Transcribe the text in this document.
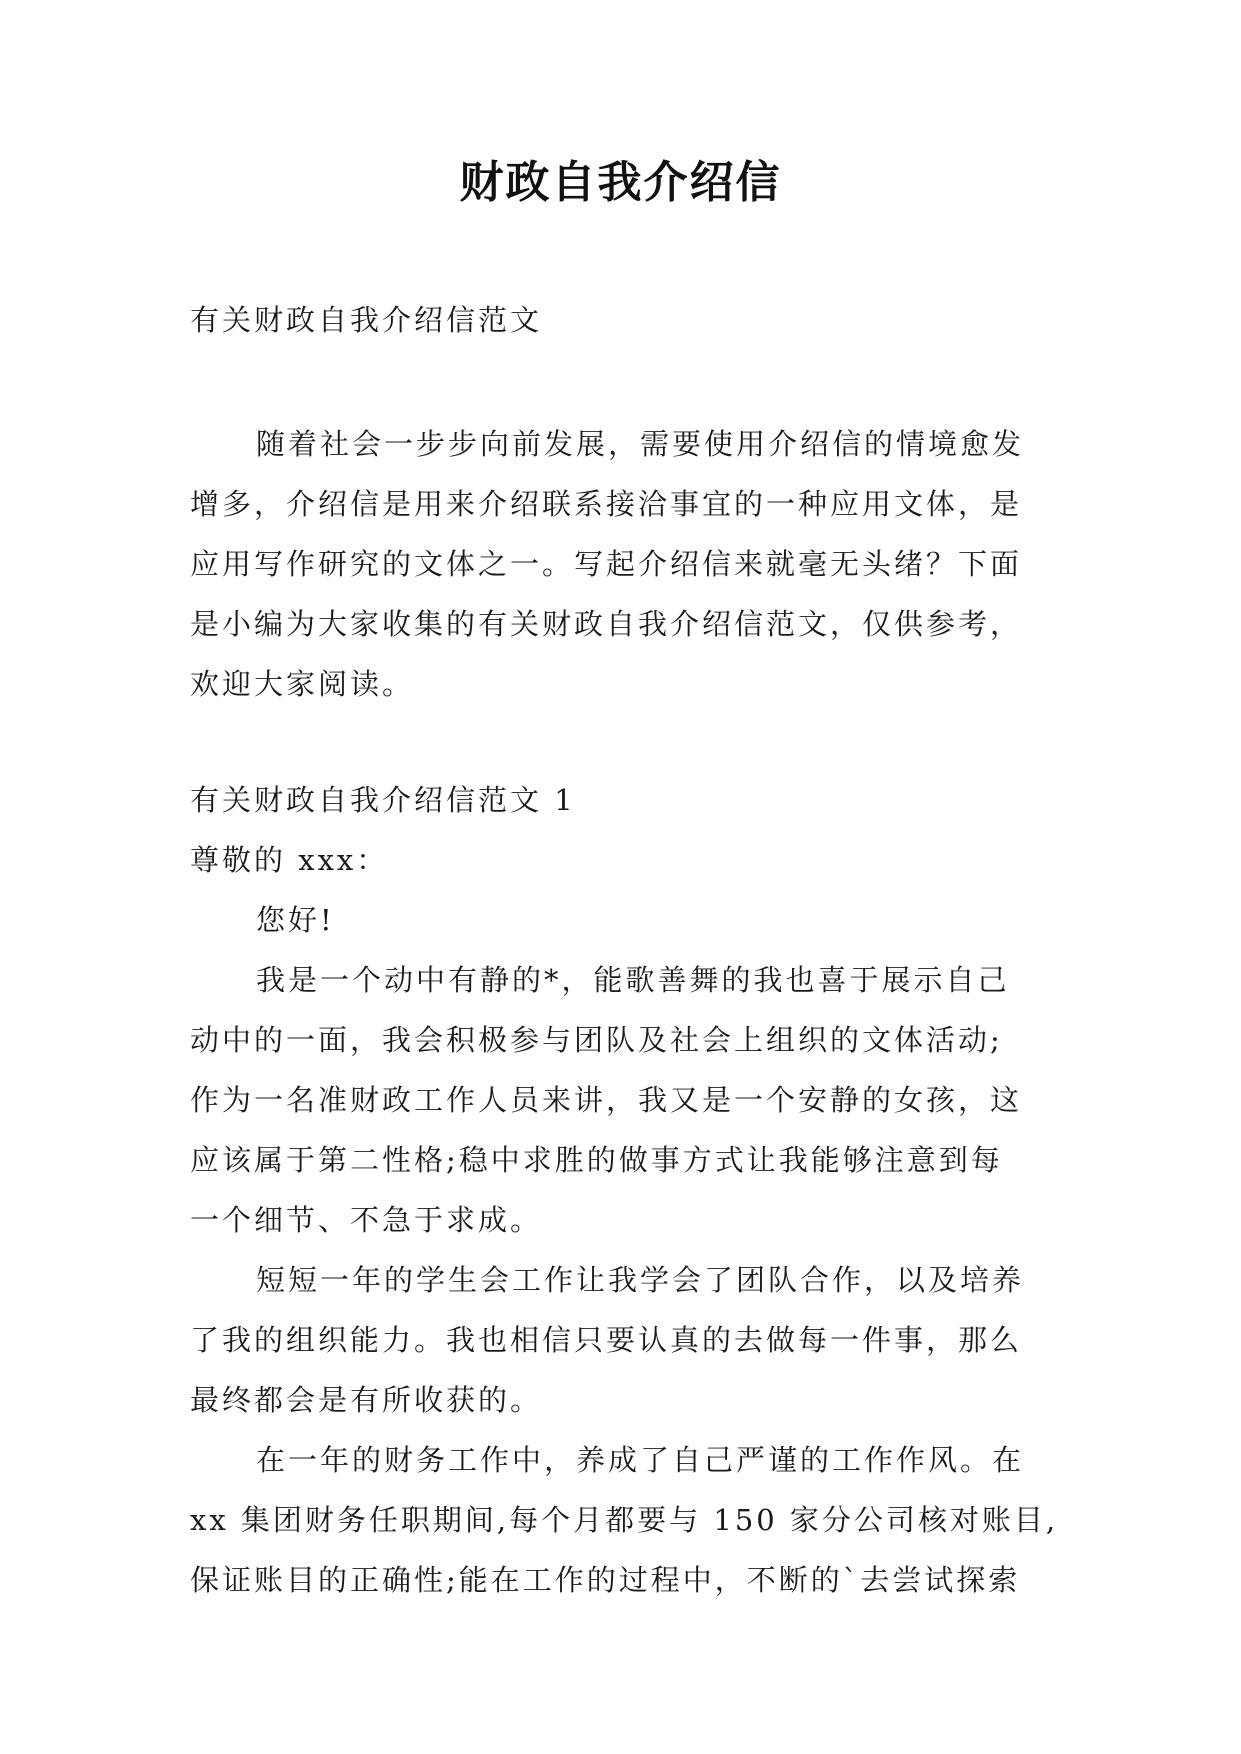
财政自我介绍信
有关财政自我介绍信范文
随着社会一步步向前发展，需要使用介绍信的情境愈发
增多，介绍信是用来介绍联系接洽事宜的一种应用文体，是
应用写作研究的文体之一。写起介绍信来就毫无头绪？下面
是小编为大家收集的有关财政自我介绍信范文，仅供参考，
欢迎大家阅读。
有关财政自我介绍信范文 1
尊敬的 xxx：
您好!
我是一个动中有静的*，能歌善舞的我也喜于展示自己
动中的一面，我会积极参与团队及社会上组织的文体活动;
作为一名准财政工作人员来讲，我又是一个安静的女孩，这
应该属于第二性格;稳中求胜的做事方式让我能够注意到每
一个细节、不急于求成。
短短一年的学生会工作让我学会了团队合作，以及培养
了我的组织能力。我也相信只要认真的去做每一件事，那么
最终都会是有所收获的。
在一年的财务工作中，养成了自己严谨的工作作风。在
xx 集团财务任职期间,每个月都要与 150 家分公司核对账目,
保证账目的正确性;能在工作的过程中，不断的`去尝试探索
